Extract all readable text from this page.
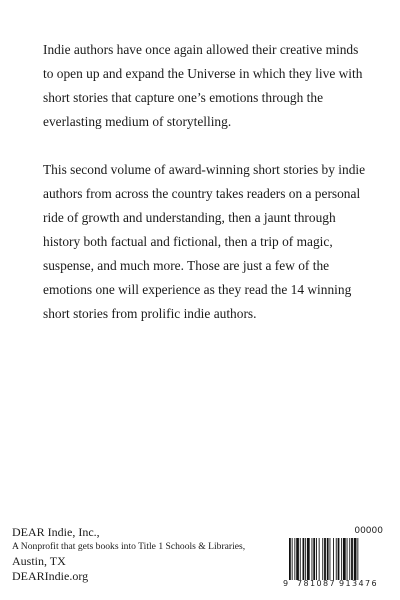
Indie authors have once again allowed their creative minds to open up and expand the Universe in which they live with short stories that capture one’s emotions through the everlasting medium of storytelling.

This second volume of award-winning short stories by indie authors from across the country takes readers on a personal ride of growth and understanding, then a jaunt through history both factual and fictional, then a trip of magic, suspense, and much more. Those are just a few of the emotions one will experience as they read the 14 winning short stories from prolific indie authors.

DEAR Indie, Inc.,
A Nonprofit that gets books into Title 1 Schools & Libraries,
Austin, TX
DEARIndie.org
00000
9 781087 913476
